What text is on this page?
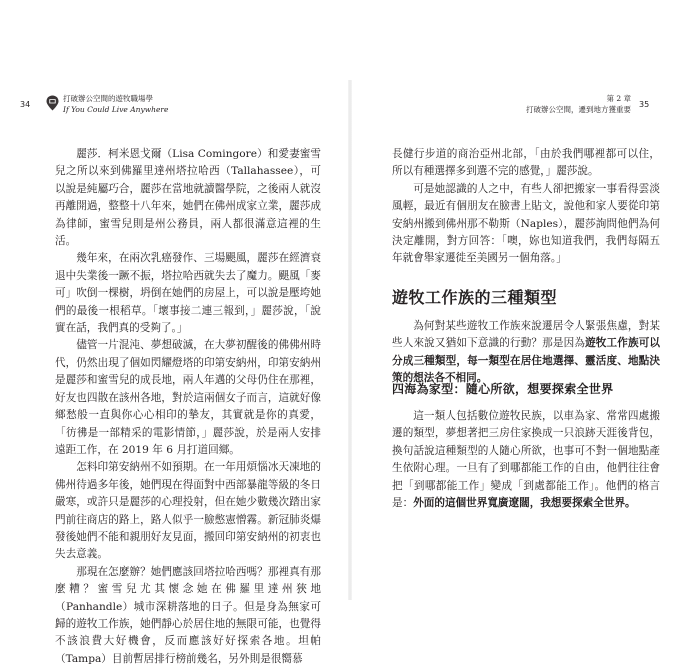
34
打破辦公空間的遊牧職場學
If You Could Live Anywhere

麗莎．柯米恩戈爾（Lisa Comingore）和愛妻蜜雪兒之所以來到佛羅里達州塔拉哈西（Tallahassee），可以說是純屬巧合，麗莎在當地就讀醫學院，之後兩人就沒再離開過，整整十八年來，她們在佛州成家立業，麗莎成為律師，蜜雪兒則是州公務員，兩人都很滿意這裡的生活。

幾年來，在兩次乳癌發作、三場颶風，麗莎在經濟衰退中失業後一蹶不振，塔拉哈西就失去了魔力。颶風「麥可」吹倒一棵樹，坍倒在她們的房屋上，可以說是壓垮她們的最後一根稻草。「壞事接二連三報到，」麗莎說，「說實在話，我們真的受夠了。」

儘管一片混沌、夢想破滅，在大夢初醒後的佛佛州時代，仍然出現了個如閃耀燈塔的印第安納州，印第安納州是麗莎和蜜雪兒的成長地，兩人年邁的父母仍住在那裡，好友也四散在該州各地，對於這兩個女子而言，這就好像鄉愁般一直與你心心相印的摯友，其實就是你的真愛，「彷彿是一部精采的電影情節，」麗莎說，於是兩人安排遠距工作，在 2019 年 6 月打道回鄉。

怎料印第安納州不如預期。在一年用煩惱冰天凍地的佛州待過多年後，她們現在得面對中西部暴龍等級的冬日嚴寒，或許只是麗莎的心理投射，但在她少數幾次踏出家門前往商店的路上，路人似乎一臉憋憲憎霧。新冠肺炎爆發後她們不能和親朋好友見面，搬回印第安納州的初衷也失去意義。

那現在怎麼辦？她們應該回塔拉哈西嗎？那裡真有那麼糟？蜜雪兒尤其懷念她在佛羅里達州狹地（Panhandle）城市深耕落地的日子。但是身為無家可歸的遊牧工作族，她們靜心於居住地的無限可能，也覺得不該浪費大好機會，反而應該好好探索各地。坦帕（Tampa）目前暫居排行榜前幾名，另外則是很嚮慕

第 2 章
35
打破辦公空間，遷到地方獲重要

長健行步道的商治亞州北部，「由於我們哪裡都可以住，所以有種選擇多到選不完的感覺，」麗莎說。

可是她認識的人之中，有些人卻把搬家一事看得雲淡風輕，最近有個朋友在臉書上貼文，說他和家人要從印第安納州搬到佛州那不勒斯（Naples），麗莎詢問他們為何決定離開，對方回答：「噢，妳也知道我們，我們每隔五年就會舉家遷徙至美國另一個角落。」

遊牧工作族的三種類型

為何對某些遊牧工作族來說遷居令人緊張焦慮，對某些人來說又猶如下意識的行動？那是因為遊牧工作族可以分成三種類型，每一類型在居住地選擇、靈活度、地點決策的想法各不相同。

四海為家型：隨心所欲，想要探索全世界

這一類人包括數位遊牧民族，以車為家、常常四處搬遷的類型，夢想著把三房住家換成一只浪跡天涯後背包，換句話說這種類型的人隨心所欲，也事可不對一個地點產生依附心理。一旦有了到哪都能工作的自由，他們往往會把「到哪都能工作」變成「到處都能工作」。他們的格言是：外面的這個世界寬廣遼闊，我想要探索全世界。
